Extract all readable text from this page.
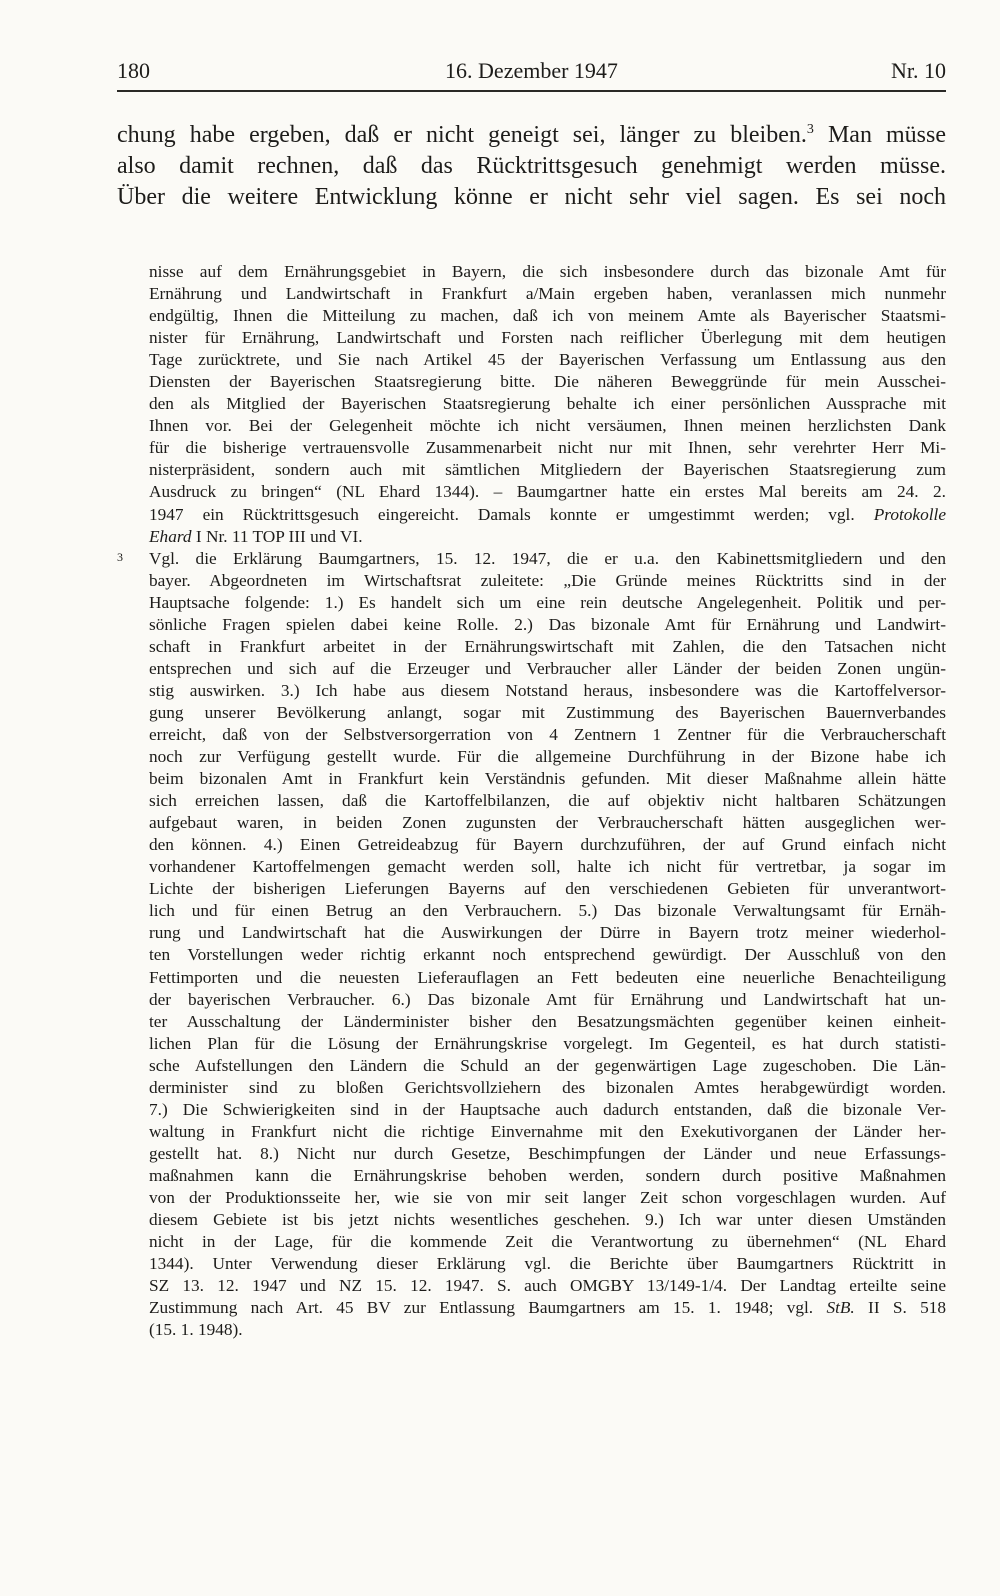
180	16. Dezember 1947	Nr. 10
chung habe ergeben, daß er nicht geneigt sei, länger zu bleiben.$^3$ Man müsse
also damit rechnen, daß das Rücktrittsgesuch genehmigt werden müsse.
Über die weitere Entwicklung könne er nicht sehr viel sagen. Es sei noch
nisse auf dem Ernährungsgebiet in Bayern, die sich insbesondere durch das bizonale Amt für
Ernährung und Landwirtschaft in Frankfurt a/Main ergeben haben, veranlassen mich nunmehr
endgültig, Ihnen die Mitteilung zu machen, daß ich von meinem Amte als Bayerischer Staatsmi-
nister für Ernährung, Landwirtschaft und Forsten nach reiflicher Überlegung mit dem heutigen
Tage zurücktrete, und Sie nach Artikel 45 der Bayerischen Verfassung um Entlassung aus den
Diensten der Bayerischen Staatsregierung bitte. Die näheren Beweggründe für mein Ausschei-
den als Mitglied der Bayerischen Staatsregierung behalte ich einer persönlichen Aussprache mit
Ihnen vor. Bei der Gelegenheit möchte ich nicht versäumen, Ihnen meinen herzlichsten Dank
für die bisherige vertrauensvolle Zusammenarbeit nicht nur mit Ihnen, sehr verehrter Herr Mi-
nisterpräsident, sondern auch mit sämtlichen Mitgliedern der Bayerischen Staatsregierung zum
Ausdruck zu bringen“ (NL Ehard 1344). – Baumgartner hatte ein erstes Mal bereits am 24. 2.
1947 ein Rücktrittsgesuch eingereicht. Damals konnte er umgestimmt werden; vgl. Protokolle
Ehard I Nr. 11 TOP III und VI.
3	Vgl. die Erklärung Baumgartners, 15. 12. 1947, die er u.a. den Kabinettsmitgliedern und den
bayer. Abgeordneten im Wirtschaftsrat zuleitete: „Die Gründe meines Rücktritts sind in der
Hauptsache folgende: 1.) Es handelt sich um eine rein deutsche Angelegenheit. Politik und per-
sönliche Fragen spielen dabei keine Rolle. 2.) Das bizonale Amt für Ernährung und Landwirt-
schaft in Frankfurt arbeitet in der Ernährungswirtschaft mit Zahlen, die den Tatsachen nicht
entsprechen und sich auf die Erzeuger und Verbraucher aller Länder der beiden Zonen ungün-
stig auswirken. 3.) Ich habe aus diesem Notstand heraus, insbesondere was die Kartoffelversor-
gung unserer Bevölkerung anlangt, sogar mit Zustimmung des Bayerischen Bauernverbandes
erreicht, daß von der Selbstversorgerration von 4 Zentnern 1 Zentner für die Verbraucherschaft
noch zur Verfügung gestellt wurde. Für die allgemeine Durchführung in der Bizone habe ich
beim bizonalen Amt in Frankfurt kein Verständnis gefunden. Mit dieser Maßnahme allein hätte
sich erreichen lassen, daß die Kartoffelbilanzen, die auf objektiv nicht haltbaren Schätzungen
aufgebaut waren, in beiden Zonen zugunsten der Verbraucherschaft hätten ausgeglichen wer-
den können. 4.) Einen Getreideabzug für Bayern durchzuführen, der auf Grund einfach nicht
vorhandener Kartoffelmengen gemacht werden soll, halte ich nicht für vertretbar, ja sogar im
Lichte der bisherigen Lieferungen Bayerns auf den verschiedenen Gebieten für unverantwort-
lich und für einen Betrug an den Verbrauchern. 5.) Das bizonale Verwaltungsamt für Ernäh-
rung und Landwirtschaft hat die Auswirkungen der Dürre in Bayern trotz meiner wiederhol-
ten Vorstellungen weder richtig erkannt noch entsprechend gewürdigt. Der Ausschluß von den
Fettimporten und die neuesten Lieferauflagen an Fett bedeuten eine neuerliche Benachteiligung
der bayerischen Verbraucher. 6.) Das bizonale Amt für Ernährung und Landwirtschaft hat un-
ter Ausschaltung der Länderminister bisher den Besatzungsmächten gegenüber keinen einheit-
lichen Plan für die Lösung der Ernährungskrise vorgelegt. Im Gegenteil, es hat durch statisti-
sche Aufstellungen den Ländern die Schuld an der gegenwärtigen Lage zugeschoben. Die Län-
derminister sind zu bloßen Gerichtsvollziehern des bizonalen Amtes herabgewürdigt worden.
7.) Die Schwierigkeiten sind in der Hauptsache auch dadurch entstanden, daß die bizonale Ver-
waltung in Frankfurt nicht die richtige Einvernahme mit den Exekutivorganen der Länder her-
gestellt hat. 8.) Nicht nur durch Gesetze, Beschimpfungen der Länder und neue Erfassungs-
maßnahmen kann die Ernährungskrise behoben werden, sondern durch positive Maßnahmen
von der Produktionsseite her, wie sie von mir seit langer Zeit schon vorgeschlagen wurden. Auf
diesem Gebiete ist bis jetzt nichts wesentliches geschehen. 9.) Ich war unter diesen Umständen
nicht in der Lage, für die kommende Zeit die Verantwortung zu übernehmen“ (NL Ehard
1344). Unter Verwendung dieser Erklärung vgl. die Berichte über Baumgartners Rücktritt in
SZ 13. 12. 1947 und NZ 15. 12. 1947. S. auch OMGBY 13/149-1/4. Der Landtag erteilte seine
Zustimmung nach Art. 45 BV zur Entlassung Baumgartners am 15. 1. 1948; vgl. StB. II S. 518
(15. 1. 1948).
